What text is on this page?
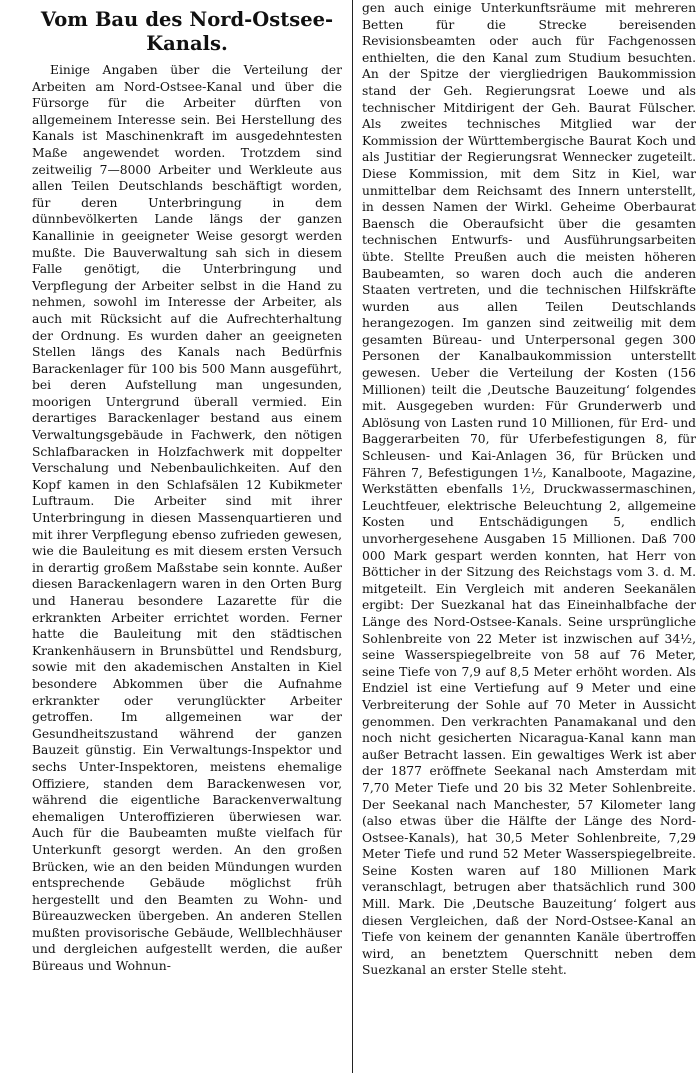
Vom Bau des Nord-Ostsee-Kanals.

Einige Angaben über die Verteilung der Arbeiten am Nord-Ostsee-Kanal und über die Fürsorge für die Arbeiter dürften von allgemeinem Interesse sein. Bei Herstellung des Kanals ist Maschinenkraft im ausgedehntesten Maße angewendet worden. Trotzdem sind zeitweilig 7—8000 Arbeiter und Werkleute aus allen Teilen Deutschlands beschäftigt worden, für deren Unterbringung in dem dünnbevölkerten Lande längs der ganzen Kanallinie in geeigneter Weise gesorgt werden mußte. Die Bauverwaltung sah sich in diesem Falle genötigt, die Unterbringung und Verpflegung der Arbeiter selbst in die Hand zu nehmen, sowohl im Interesse der Arbeiter, als auch mit Rücksicht auf die Aufrechterhaltung der Ordnung. Es wurden daher an geeigneten Stellen längs des Kanals nach Bedürfnis Barackenlager für 100 bis 500 Mann ausgeführt, bei deren Aufstellung man ungesunden, moorigen Untergrund überall vermied. Ein derartiges Barackenlager bestand aus einem Verwaltungsgebäude in Fachwerk, den nötigen Schlafbaracken in Holzfachwerk mit doppelter Verschalung und Nebenbaulichkeiten. Auf den Kopf kamen in den Schlafsälen 12 Kubikmeter Luftraum. Die Arbeiter sind mit ihrer Unterbringung in diesen Massenquartieren und mit ihrer Verpflegung ebenso zufrieden gewesen, wie die Bauleitung es mit diesem ersten Versuch in derartig großem Maßstabe sein konnte. Außer diesen Barackenlagern waren in den Orten Burg und Hanerau besondere Lazarette für die erkrankten Arbeiter errichtet worden. Ferner hatte die Bauleitung mit den städtischen Krankenhäusern in Brunsbüttel und Rendsburg, sowie mit den akademischen Anstalten in Kiel besondere Abkommen über die Aufnahme erkrankter oder verunglückter Arbeiter getroffen. Im allgemeinen war der Gesundheitszustand während der ganzen Bauzeit günstig. Ein Verwaltungs-Inspektor und sechs Unter-Inspektoren, meistens ehemalige Offiziere, standen dem Barackenwesen vor, während die eigentliche Barackenverwaltung ehemaligen Unteroffizieren überwiesen war. Auch für die Baubeamten mußte vielfach für Unterkunft gesorgt werden. An den großen Brücken, wie an den beiden Mündungen wurden entsprechende Gebäude möglichst früh hergestellt und den Beamten zu Wohn- und Büreauzwecken übergeben. An anderen Stellen mußten provisorische Gebäude, Wellblechhäuser und dergleichen aufgestellt werden, die außer Büreaus und Wohnun-

gen auch einige Unterkunftsräume mit mehreren Betten für die Strecke bereisenden Revisionsbeamten oder auch für Fachgenossen enthielten, die den Kanal zum Studium besuchten. An der Spitze der viergliedrigen Baukommission stand der Geh. Regierungsrat Loewe und als technischer Mitdirigent der Geh. Baurat Fülscher. Als zweites technisches Mitglied war der Kommission der Württembergische Baurat Koch und als Justitiar der Regierungsrat Wennecker zugeteilt. Diese Kommission, mit dem Sitz in Kiel, war unmittelbar dem Reichsamt des Innern unterstellt, in dessen Namen der Wirkl. Geheime Oberbaurat Baensch die Oberaufsicht über die gesamten technischen Entwurfs- und Ausführungsarbeiten übte. Stellte Preußen auch die meisten höheren Baubeamten, so waren doch auch die anderen Staaten vertreten, und die technischen Hilfskräfte wurden aus allen Teilen Deutschlands herangezogen. Im ganzen sind zeitweilig mit dem gesamten Büreau- und Unterpersonal gegen 300 Personen der Kanalbaukommission unterstellt gewesen. Ueber die Verteilung der Kosten (156 Millionen) teilt die ‚Deutsche Bauzeitung‘ folgendes mit. Ausgegeben wurden: Für Grunderwerb und Ablösung von Lasten rund 10 Millionen, für Erd- und Baggerarbeiten 70, für Uferbefestigungen 8, für Schleusen- und Kai-Anlagen 36, für Brücken und Fähren 7, Befestigungen 1½, Kanalboote, Magazine, Werkstätten ebenfalls 1½, Druckwassermaschinen, Leuchtfeuer, elektrische Beleuchtung 2, allgemeine Kosten und Entschädigungen 5, endlich unvorhergesehene Ausgaben 15 Millionen. Daß 700 000 Mark gespart werden konnten, hat Herr von Bötticher in der Sitzung des Reichstags vom 3. d. M. mitgeteilt. Ein Vergleich mit anderen Seekanälen ergibt: Der Suezkanal hat das Eineinhalbfache der Länge des Nord-Ostsee-Kanals. Seine ursprüngliche Sohlenbreite von 22 Meter ist inzwischen auf 34½, seine Wasserspiegelbreite von 58 auf 76 Meter, seine Tiefe von 7,9 auf 8,5 Meter erhöht worden. Als Endziel ist eine Vertiefung auf 9 Meter und eine Verbreiterung der Sohle auf 70 Meter in Aussicht genommen. Den verkrachten Panamakanal und den noch nicht gesicherten Nicaragua-Kanal kann man außer Betracht lassen. Ein gewaltiges Werk ist aber der 1877 eröffnete Seekanal nach Amsterdam mit 7,70 Meter Tiefe und 20 bis 32 Meter Sohlenbreite. Der Seekanal nach Manchester, 57 Kilometer lang (also etwas über die Hälfte der Länge des Nord-Ostsee-Kanals), hat 30,5 Meter Sohlenbreite, 7,29 Meter Tiefe und rund 52 Meter Wasserspiegelbreite. Seine Kosten waren auf 180 Millionen Mark veranschlagt, betrugen aber thatsächlich rund 300 Mill. Mark. Die ‚Deutsche Bauzeitung‘ folgert aus diesen Vergleichen, daß der Nord-Ostsee-Kanal an Tiefe von keinem der genannten Kanäle übertroffen wird, an benetztem Querschnitt neben dem Suezkanal an erster Stelle steht.
